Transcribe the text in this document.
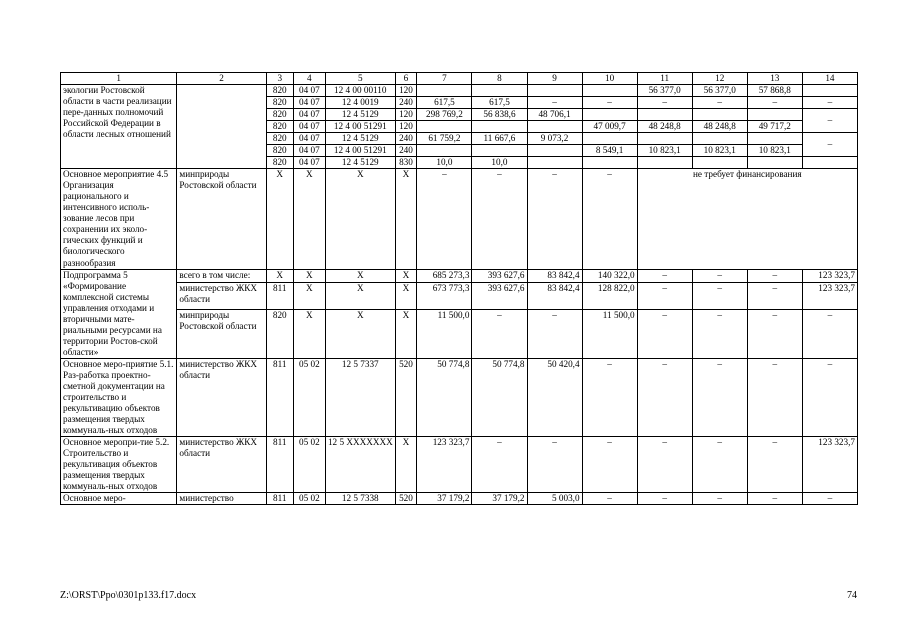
1	2	3	4	5	6	7	8	9	10	11	12	13	14
экологии Ростовской области в части реализации пере-данных полномочий Российской Федерации в области лесных отношений		820	04 07	12 4 00 00110	120					56 377,0	56 377,0	57 868,8	
		820	04 07	12 4 0019	240	617,5	617,5	–	–	–	–	–	–
		820	04 07	12 4 5129	120	298 769,2	56 838,6	48 706,1					–
		820	04 07	12 4 00 51291	120				47 009,7	48 248,8	48 248,8	49 717,2	
		820	04 07	12 4 5129	240	61 759,2	11 667,6	9 073,2					–
		820	04 07	12 4 00 51291	240				8 549,1	10 823,1	10 823,1	10 823,1	
		820	04 07	12 4 5129	830	10,0	10,0						
Основное мероприятие 4.5 Организация рационального и интенсивного исполь-зование лесов при сохранении их эколо-гических функций и биологического разнообразия	минприроды Ростовской области	X	X	X	X	–	–	–	–	не требует финансирования			
Подпрограмма 5 «Формирование комплексной системы управления отходами и вторичными мате-риальными ресурсами на территории Ростов-ской области»	всего в том числе:	X	X	X	X	685 273,3	393 627,6	83 842,4	140 322,0	–	–	–	123 323,7
	министерство ЖКХ области	811	X	X	X	673 773,3	393 627,6	83 842,4	128 822,0	–	–	–	123 323,7
	минприроды Ростовской области	820	X	X	X	11 500,0	–	–	11 500,0	–	–	–	–
Основное меро-приятие 5.1. Раз-работка проектно-сметной документации на строительство и рекультивацию объектов размещения твердых коммуналь-ных отходов	министерство ЖКХ области	811	05 02	12 5 7337	520	50 774,8	50 774,8	50 420,4	–	–	–	–	–
Основное меропри-тие 5.2. Строительство и рекультивация объектов размещения твердых коммуналь-ных отходов	министерство ЖКХ области	811	05 02	12 5 XXXXXXX	X	123 323,7	–	–	–	–	–	–	123 323,7
Основное меро-	министерство	811	05 02	12 5 7338	520	37 179,2	37 179,2	5 003,0	–	–	–	–	–
Z:\ORST\Ppo\0301p133.f17.docx	74
